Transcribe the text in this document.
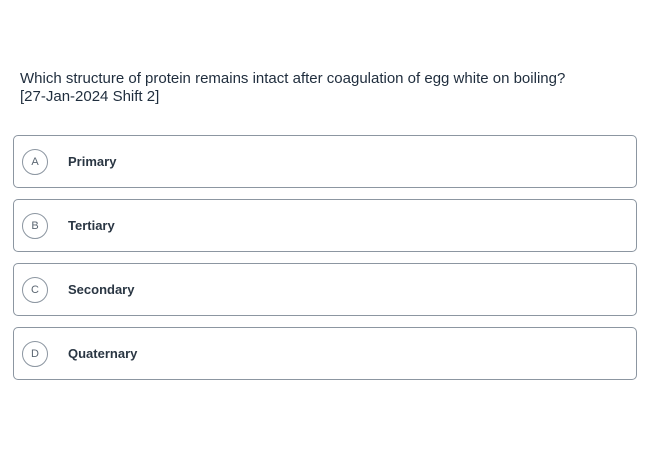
Which structure of protein remains intact after coagulation of egg white on boiling?
[27-Jan-2024 Shift 2]
A	Primary
B	Tertiary
C	Secondary
D	Quaternary
